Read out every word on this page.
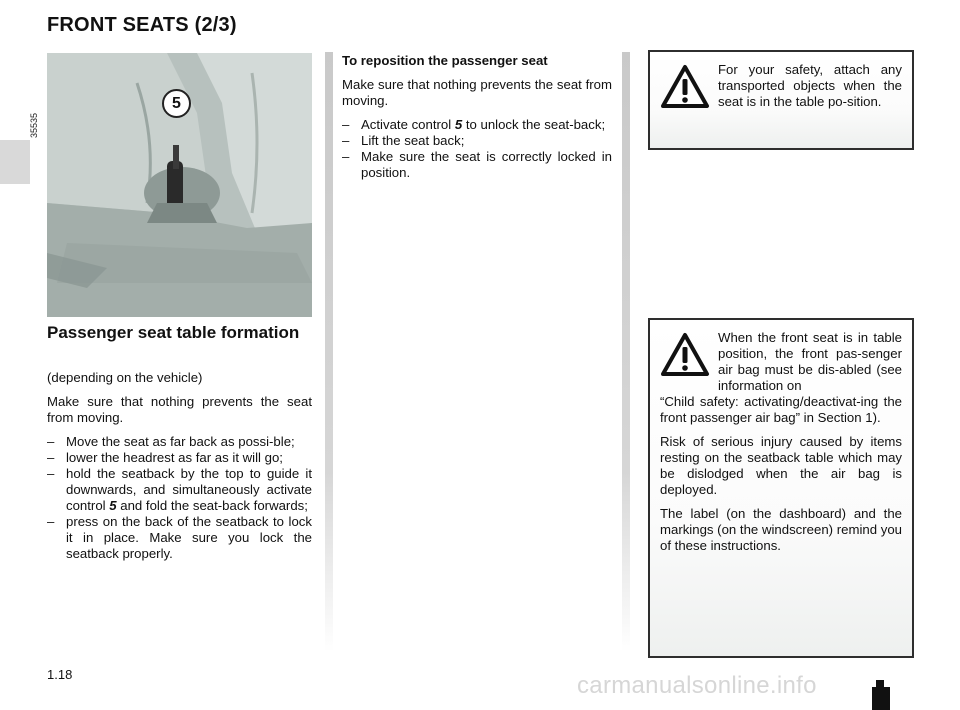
FRONT SEATS (2/3)
35535
5
Passenger seat table formation

(depending on the vehicle)

Make sure that nothing prevents the seat from moving.

– Move the seat as far back as possi-ble;
– lower the headrest as far as it will go;
– hold the seatback by the top to guide it downwards, and simultaneously activate control 5 and fold the seat-back forwards;
– press on the back of the seatback to lock it in place. Make sure you lock the seatback properly.

To reposition the passenger seat

Make sure that nothing prevents the seat from moving.

– Activate control 5 to unlock the seat-back;
– Lift the seat back;
– Make sure the seat is correctly locked in position.

For your safety, attach any transported objects when the seat is in the table po-sition.

When the front seat is in table position, the front pas-senger air bag must be dis-abled (see information on

“Child safety: activating/deactivat-ing the front passenger air bag” in Section 1).

Risk of serious injury caused by items resting on the seatback table which may be dislodged when the air bag is deployed.

The label (on the dashboard) and the markings (on the windscreen) remind you of these instructions.

1.18	carmanualsonline.info
